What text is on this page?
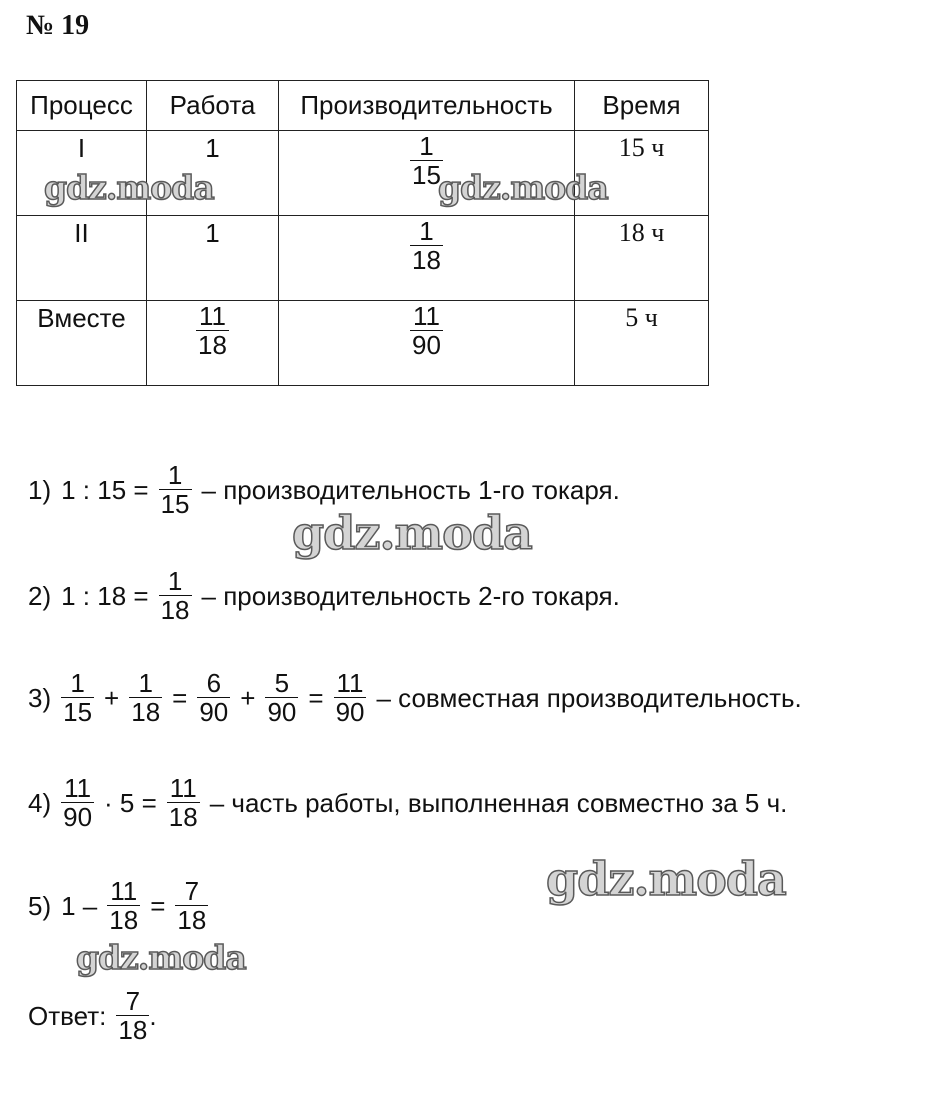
№ 19
Процесс	Работа	Производительность	Время
I	1	$\frac{1}{15}$	15 ч
II	1	$\frac{1}{18}$	18 ч
Вместе	$\frac{11}{18}$	$\frac{11}{90}$	5 ч
1) 1 : $15 = \frac{1}{15}$ – производительность 1-го токаря.
2) 1 : $18 = \frac{1}{18}$ – производительность 2-го токаря.
$3) \frac{1}{15} + \frac{1}{18} = \frac{6}{90} + \frac{5}{90} = \frac{11}{90}$ – совместная производительность.
$4) \frac{11}{90} \cdot 5 = \frac{11}{18}$ – часть работы, выполненная совместно за 5 ч.
5) $1 - \frac{11}{18} = \frac{7}{18}$
Ответ: $\frac{7}{18}$ .
gdz.moda	gdz.moda
gdz.moda
gdz.moda
gdz.moda
